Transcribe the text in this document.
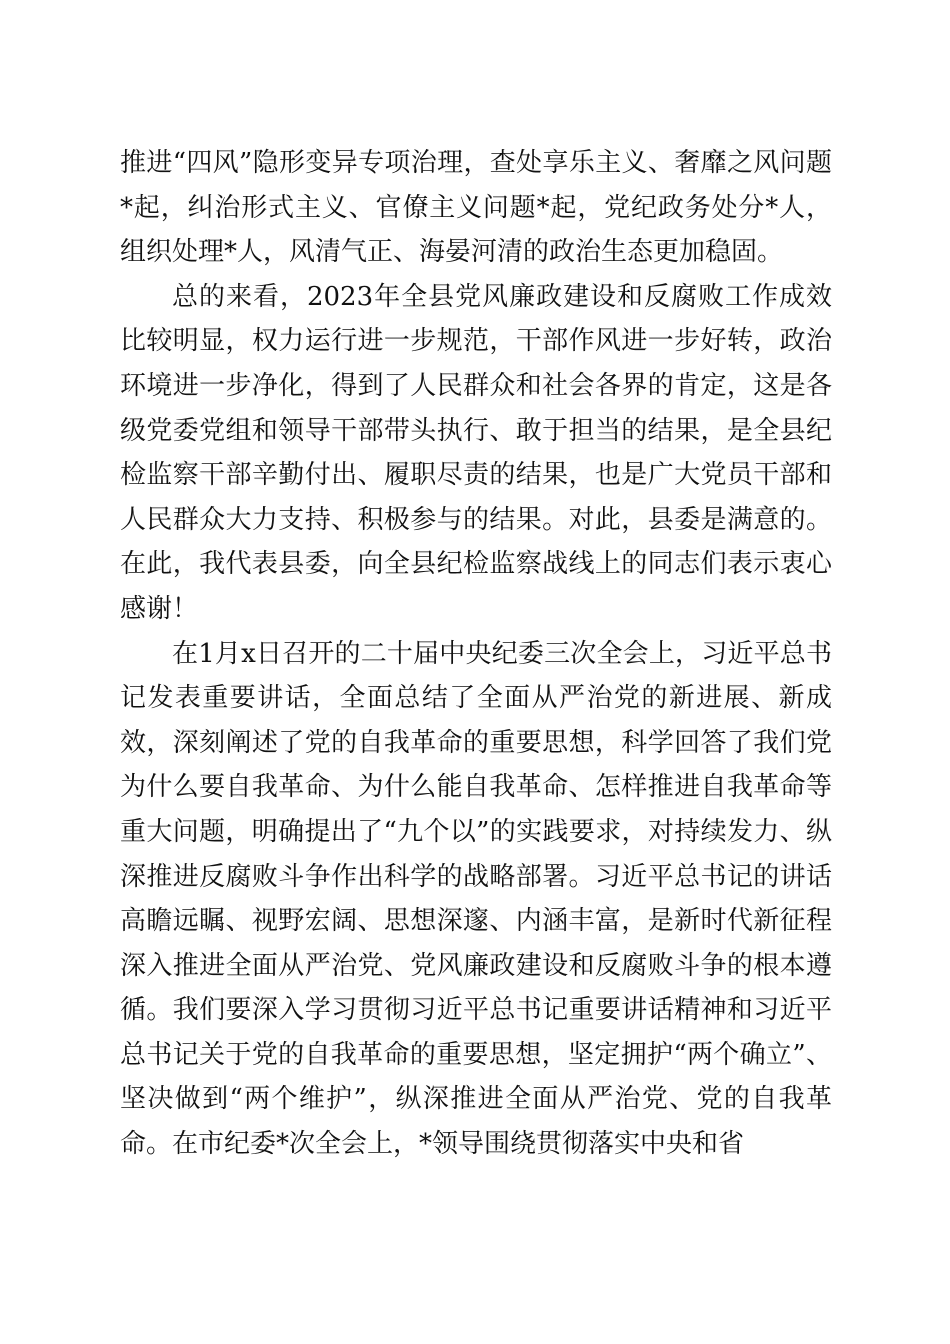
推进“四风”隐形变异专项治理，查处享乐主义、奢靡之风问题*起，纠治形式主义、官僚主义问题*起，党纪政务处分*人，组织处理*人，风清气正、海晏河清的政治生态更加稳固。

总的来看，2023年全县党风廉政建设和反腐败工作成效比较明显，权力运行进一步规范，干部作风进一步好转，政治环境进一步净化，得到了人民群众和社会各界的肯定，这是各级党委党组和领导干部带头执行、敢于担当的结果，是全县纪检监察干部辛勤付出、履职尽责的结果，也是广大党员干部和人民群众大力支持、积极参与的结果。对此，县委是满意的。在此，我代表县委，向全县纪检监察战线上的同志们表示衷心感谢！

在1月x日召开的二十届中央纪委三次全会上，习近平总书记发表重要讲话，全面总结了全面从严治党的新进展、新成效，深刻阐述了党的自我革命的重要思想，科学回答了我们党为什么要自我革命、为什么能自我革命、怎样推进自我革命等重大问题，明确提出了“九个以”的实践要求，对持续发力、纵深推进反腐败斗争作出科学的战略部署。习近平总书记的讲话高瞻远瞩、视野宏阔、思想深邃、内涵丰富，是新时代新征程深入推进全面从严治党、党风廉政建设和反腐败斗争的根本遵循。我们要深入学习贯彻习近平总书记重要讲话精神和习近平总书记关于党的自我革命的重要思想，坚定拥护“两个确立”、坚决做到“两个维护”，纵深推进全面从严治党、党的自我革命。在市纪委*次全会上，*领导围绕贯彻落实中央和省
